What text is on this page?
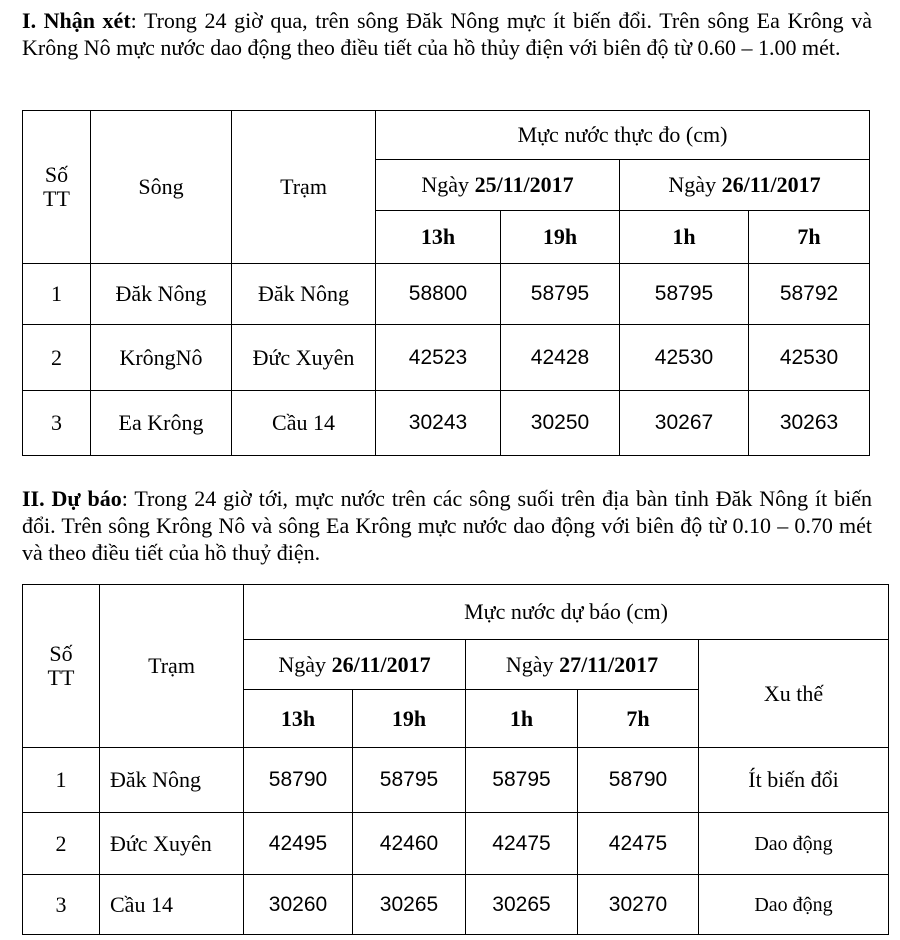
I. Nhận xét: Trong 24 giờ qua, trên sông Đăk Nông mực ít biến đổi. Trên sông Ea Krông và Krông Nô mực nước dao động theo điều tiết của hồ thủy điện với biên độ từ 0.60 – 1.00 mét.
Số TT	Sông	Trạm	Mực nước thực đo (cm)			
			Ngày 25/11/2017		Ngày 26/11/2017	
			13h	19h	1h	7h
1	Đăk Nông	Đăk Nông	58800	58795	58795	58792
2	KrôngNô	Đức Xuyên	42523	42428	42530	42530
3	Ea Krông	Cầu 14	30243	30250	30267	30263
II. Dự báo: Trong 24 giờ tới, mực nước trên các sông suối trên địa bàn tỉnh Đăk Nông ít biến đổi. Trên sông Krông Nô và sông Ea Krông mực nước dao động với biên độ từ 0.10 – 0.70 mét và theo điều tiết của hồ thuỷ điện.
Số TT	Trạm	Mực nước dự báo (cm)				
		Ngày 26/11/2017		Ngày 27/11/2017		Xu thế
		13h	19h	1h	7h	
1	Đăk Nông	58790	58795	58795	58790	Ít biến đổi
2	Đức Xuyên	42495	42460	42475	42475	Dao động
3	Cầu 14	30260	30265	30265	30270	Dao động
